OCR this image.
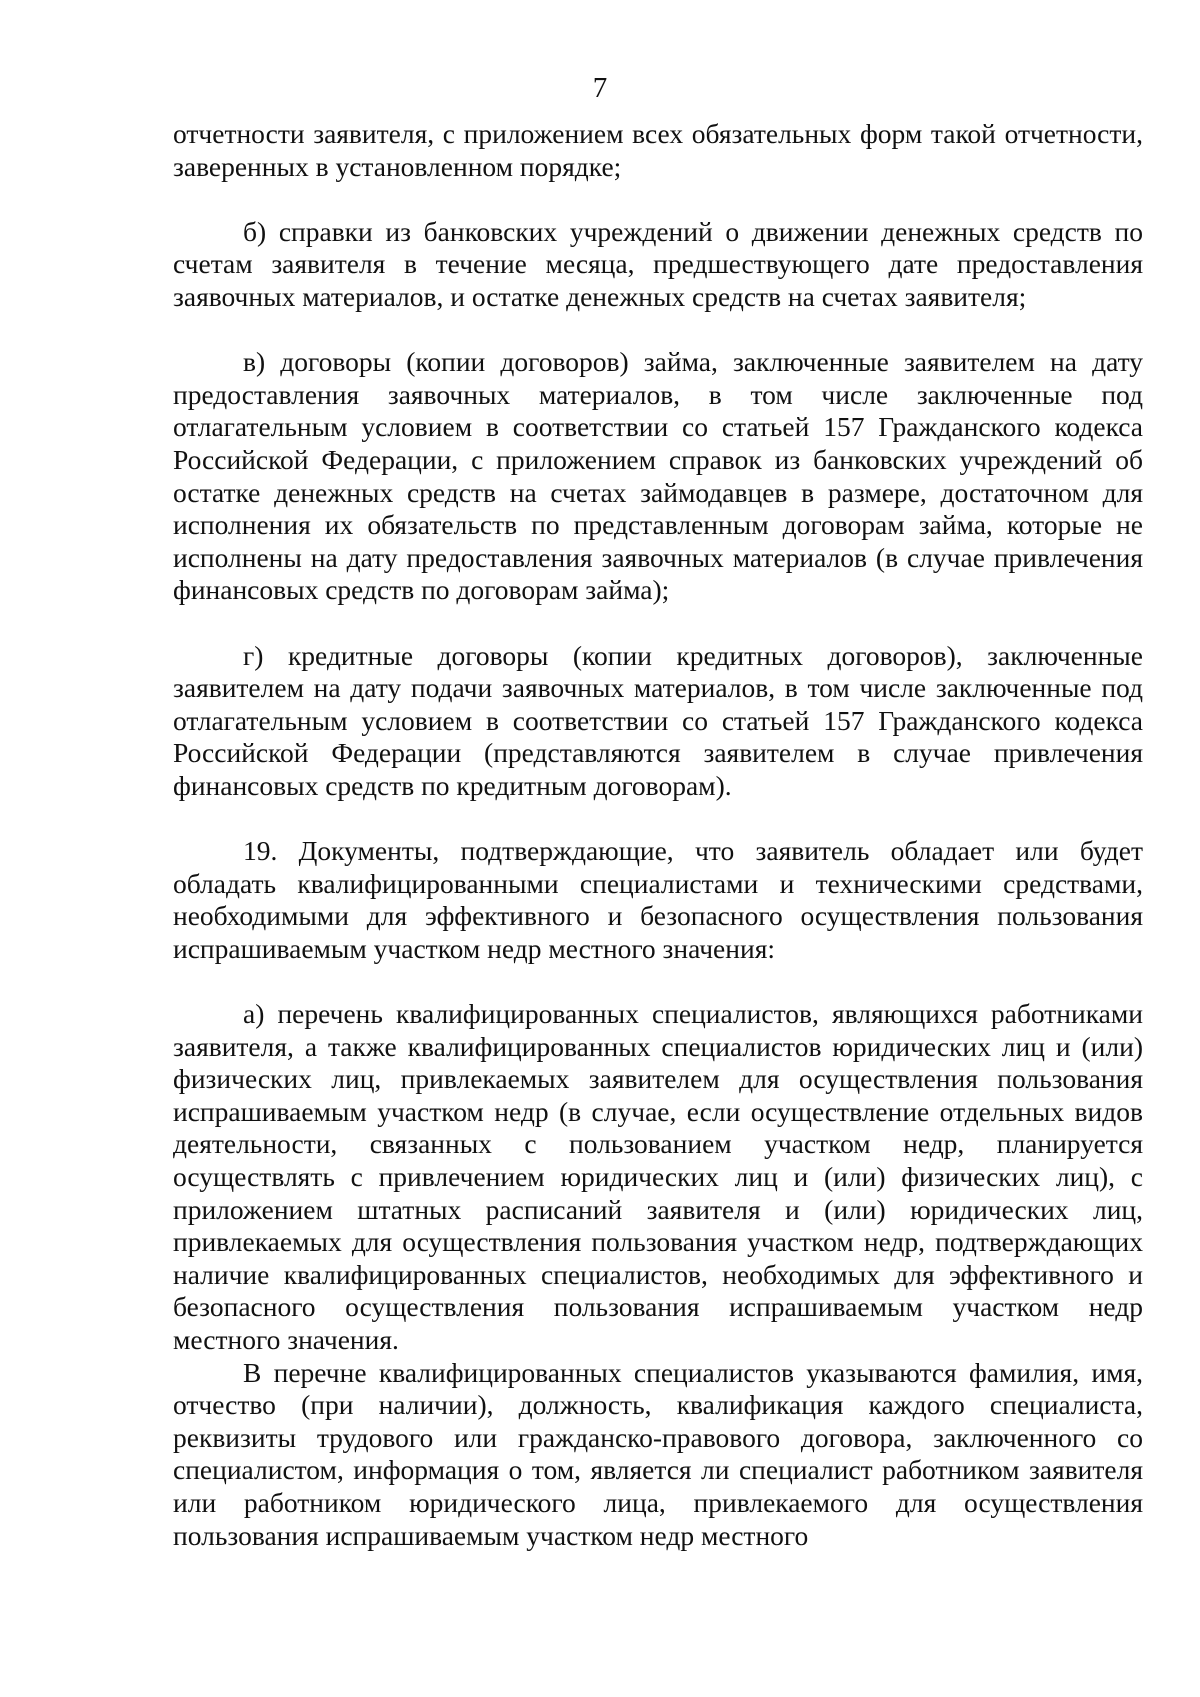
7

отчетности заявителя, с приложением всех обязательных форм такой отчетности, заверенных в установленном порядке;

б) справки из банковских учреждений о движении денежных средств по счетам заявителя в течение месяца, предшествующего дате предоставления заявочных материалов, и остатке денежных средств на счетах заявителя;

в) договоры (копии договоров) займа, заключенные заявителем на дату предоставления заявочных материалов, в том числе заключенные под отлагательным условием в соответствии со статьей 157 Гражданского кодекса Российской Федерации, с приложением справок из банковских учреждений об остатке денежных средств на счетах займодавцев в размере, достаточном для исполнения их обязательств по представленным договорам займа, которые не исполнены на дату предоставления заявочных материалов (в случае привлечения финансовых средств по договорам займа);

г) кредитные договоры (копии кредитных договоров), заключенные заявителем на дату подачи заявочных материалов, в том числе заключенные под отлагательным условием в соответствии со статьей 157 Гражданского кодекса Российской Федерации (представляются заявителем в случае привлечения финансовых средств по кредитным договорам).

19. Документы, подтверждающие, что заявитель обладает или будет обладать квалифицированными специалистами и техническими средствами, необходимыми для эффективного и безопасного осуществления пользования испрашиваемым участком недр местного значения:

а) перечень квалифицированных специалистов, являющихся работниками заявителя, а также квалифицированных специалистов юридических лиц и (или) физических лиц, привлекаемых заявителем для осуществления пользования испрашиваемым участком недр (в случае, если осуществление отдельных видов деятельности, связанных с пользованием участком недр, планируется осуществлять с привлечением юридических лиц и (или) физических лиц), с приложением штатных расписаний заявителя и (или) юридических лиц, привлекаемых для осуществления пользования участком недр, подтверждающих наличие квалифицированных специалистов, необходимых для эффективного и безопасного осуществления пользования испрашиваемым участком недр местного значения.

В перечне квалифицированных специалистов указываются фамилия, имя, отчество (при наличии), должность, квалификация каждого специалиста, реквизиты трудового или гражданско-правового договора, заключенного со специалистом, информация о том, является ли специалист работником заявителя или работником юридического лица, привлекаемого для осуществления пользования испрашиваемым участком недр местного
